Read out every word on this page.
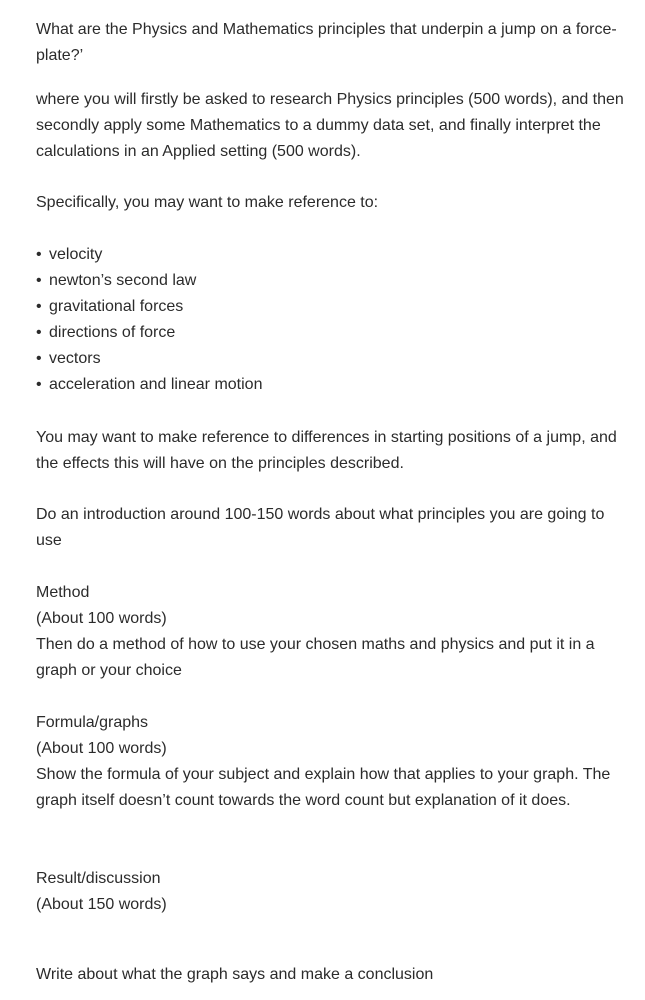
What are the Physics and Mathematics principles that underpin a jump on a force-plate?’

where you will firstly be asked to research Physics principles (500 words), and then secondly apply some Mathematics to a dummy data set, and finally interpret the calculations in an Applied setting (500 words).

Specifically, you may want to make reference to:

• velocity
• newton’s second law
• gravitational forces
• directions of force
• vectors
• acceleration and linear motion

You may want to make reference to differences in starting positions of a jump, and the effects this will have on the principles described.

Do an introduction around 100-150 words about what principles you are going to use

Method

(About 100 words)

Then do a method of how to use your chosen maths and physics and put it in a graph or your choice

Formula/graphs

(About 100 words)

Show the formula of your subject and explain how that applies to your graph. The graph itself doesn’t count towards the word count but explanation of it does.

Result/discussion

(About 150 words)

Write about what the graph says and make a conclusion
